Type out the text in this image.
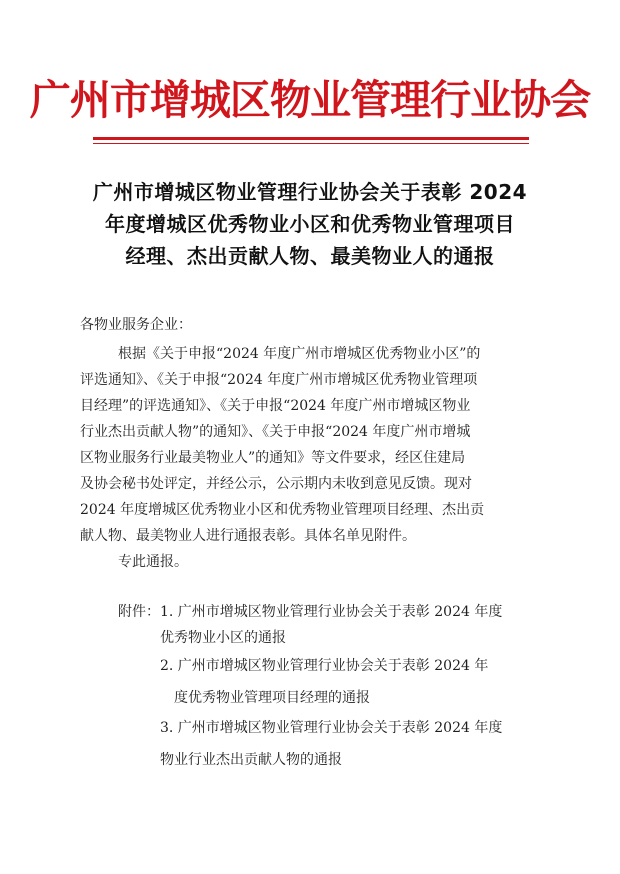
广州市增城区物业管理行业协会
广州市增城区物业管理行业协会关于表彰 2024
年度增城区优秀物业小区和优秀物业管理项目
经理、杰出贡献人物、最美物业人的通报
各物业服务企业：
根据《关于申报“2024 年度广州市增城区优秀物业小区”的
评选通知》、《关于申报“2024 年度广州市增城区优秀物业管理项
目经理”的评选通知》、《关于申报“2024 年度广州市增城区物业
行业杰出贡献人物”的通知》、《关于申报“2024 年度广州市增城
区物业服务行业最美物业人”的通知》等文件要求，经区住建局
及协会秘书处评定，并经公示，公示期内未收到意见反馈。现对
2024 年度增城区优秀物业小区和优秀物业管理项目经理、杰出贡
献人物、最美物业人进行通报表彰。具体名单见附件。
专此通报。
附件： 1. 广州市增城区物业管理行业协会关于表彰 2024 年度
优秀物业小区的通报
2. 广州市增城区物业管理行业协会关于表彰 2024 年
度优秀物业管理项目经理的通报
3. 广州市增城区物业管理行业协会关于表彰 2024 年度
物业行业杰出贡献人物的通报
